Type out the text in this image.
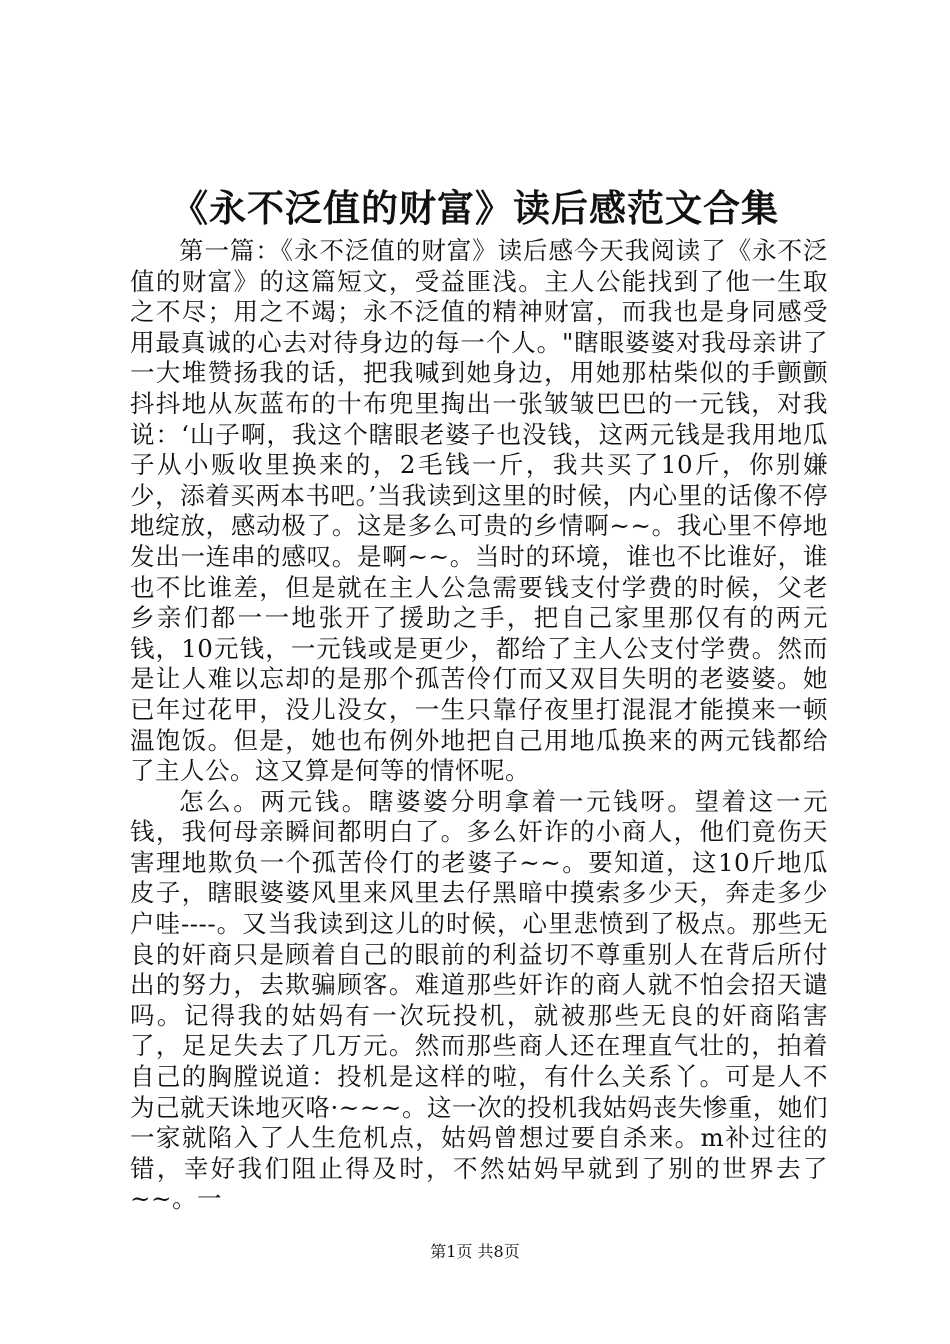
《永不泛值的财富》读后感范文合集

第一篇：《永不泛值的财富》读后感今天我阅读了《永不泛值的财富》的这篇短文，受益匪浅。主人公能找到了他一生取之不尽；用之不竭；永不泛值的精神财富，而我也是身同感受用最真诚的心去对待身边的每一个人。"瞎眼婆婆对我母亲讲了一大堆赞扬我的话，把我喊到她身边，用她那枯柴似的手颤颤抖抖地从灰蓝布的十布兜里掏出一张皱皱巴巴的一元钱，对我说：‘山子啊，我这个瞎眼老婆子也没钱，这两元钱是我用地瓜子从小贩收里换来的，2毛钱一斤，我共买了10斤，你别嫌少，添着买两本书吧。’当我读到这里的时候，内心里的话像不停地绽放，感动极了。这是多么可贵的乡情啊~~。我心里不停地发出一连串的感叹。是啊~~。当时的环境，谁也不比谁好，谁也不比谁差，但是就在主人公急需要钱支付学费的时候，父老乡亲们都一一地张开了援助之手，把自己家里那仅有的两元钱，10元钱，一元钱或是更少，都给了主人公支付学费。然而是让人难以忘却的是那个孤苦伶仃而又双目失明的老婆婆。她已年过花甲，没儿没女，一生只靠仔夜里打混混才能摸来一顿温饱饭。但是，她也布例外地把自己用地瓜换来的两元钱都给了主人公。这又算是何等的情怀呢。

怎么。两元钱。瞎婆婆分明拿着一元钱呀。望着这一元钱，我何母亲瞬间都明白了。多么奸诈的小商人，他们竟伤天害理地欺负一个孤苦伶仃的老婆子~~。要知道，这10斤地瓜皮子，瞎眼婆婆风里来风里去仔黑暗中摸索多少天，奔走多少户哇----。又当我读到这儿的时候，心里悲愤到了极点。那些无良的奸商只是顾着自己的眼前的利益切不尊重别人在背后所付出的努力，去欺骗顾客。难道那些奸诈的商人就不怕会招天谴吗。记得我的姑妈有一次玩投机，就被那些无良的奸商陷害了，足足失去了几万元。然而那些商人还在理直气壮的，拍着自己的胸膛说道：投机是这样的啦，有什么关系丫。可是人不为己就天诛地灭咯·~~~。这一次的投机我姑妈丧失惨重，她们一家就陷入了人生危机点，姑妈曾想过要自杀来。m补过往的错，幸好我们阻止得及时，不然姑妈早就到了别的世界去了~~。一

第1页 共8页
